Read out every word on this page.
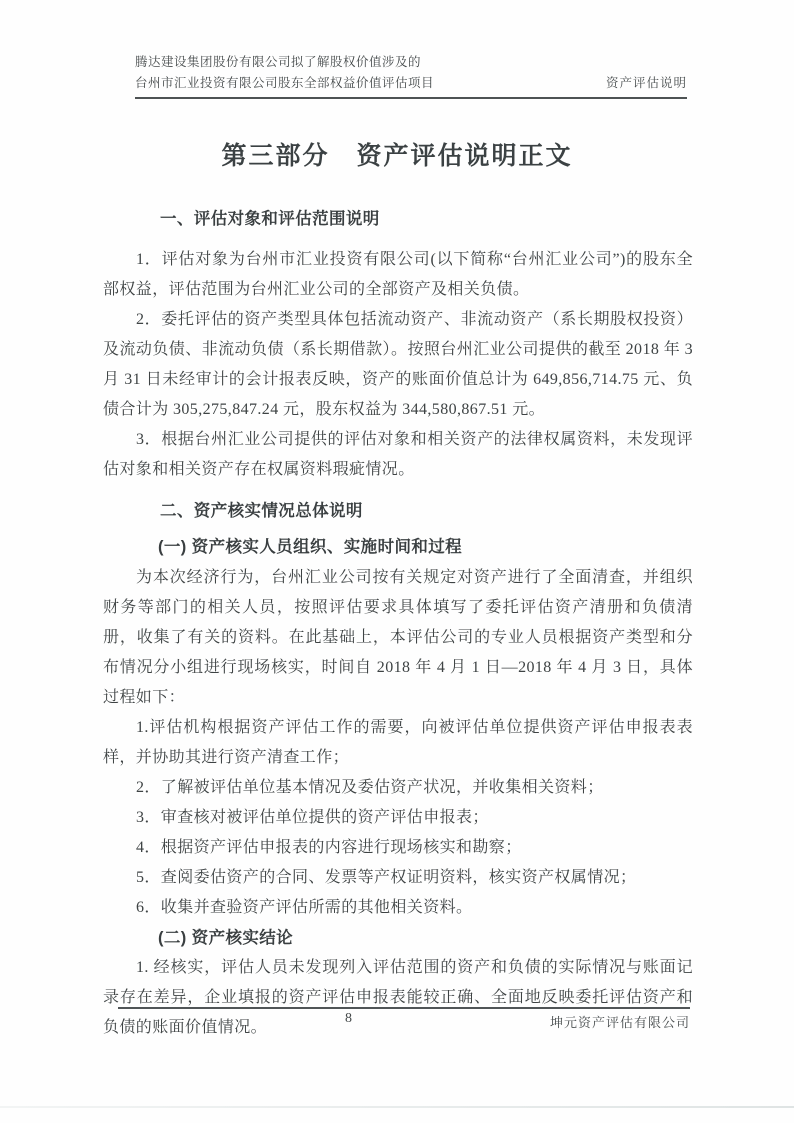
腾达建设集团股份有限公司拟了解股权价值涉及的
台州市汇业投资有限公司股东全部权益价值评估项目	资产评估说明
第三部分　资产评估说明正文
一、评估对象和评估范围说明

1．评估对象为台州市汇业投资有限公司(以下简称“台州汇业公司”)的股东全部权益，评估范围为台州汇业公司的全部资产及相关负债。

2．委托评估的资产类型具体包括流动资产、非流动资产（系长期股权投资）及流动负债、非流动负债（系长期借款）。按照台州汇业公司提供的截至 2018 年 3 月 31 日未经审计的会计报表反映，资产的账面价值总计为 649,856,714.75 元、负债合计为 305,275,847.24 元，股东权益为 344,580,867.51 元。

3．根据台州汇业公司提供的评估对象和相关资产的法律权属资料，未发现评估对象和相关资产存在权属资料瑕疵情况。

二、资产核实情况总体说明
(一) 资产核实人员组织、实施时间和过程

为本次经济行为，台州汇业公司按有关规定对资产进行了全面清查，并组织财务等部门的相关人员，按照评估要求具体填写了委托评估资产清册和负债清册，收集了有关的资料。在此基础上，本评估公司的专业人员根据资产类型和分布情况分小组进行现场核实，时间自 2018 年 4 月 1 日—2018 年 4 月 3 日，具体过程如下：

1.评估机构根据资产评估工作的需要，向被评估单位提供资产评估申报表表样，并协助其进行资产清查工作；

2．了解被评估单位基本情况及委估资产状况，并收集相关资料；

3．审查核对被评估单位提供的资产评估申报表；

4．根据资产评估申报表的内容进行现场核实和勘察；

5．查阅委估资产的合同、发票等产权证明资料，核实资产权属情况；

6．收集并查验资产评估所需的其他相关资料。

(二) 资产核实结论

1. 经核实，评估人员未发现列入评估范围的资产和负债的实际情况与账面记录存在差异，企业填报的资产评估申报表能较正确、全面地反映委托评估资产和负债的账面价值情况。

8	坤元资产评估有限公司
